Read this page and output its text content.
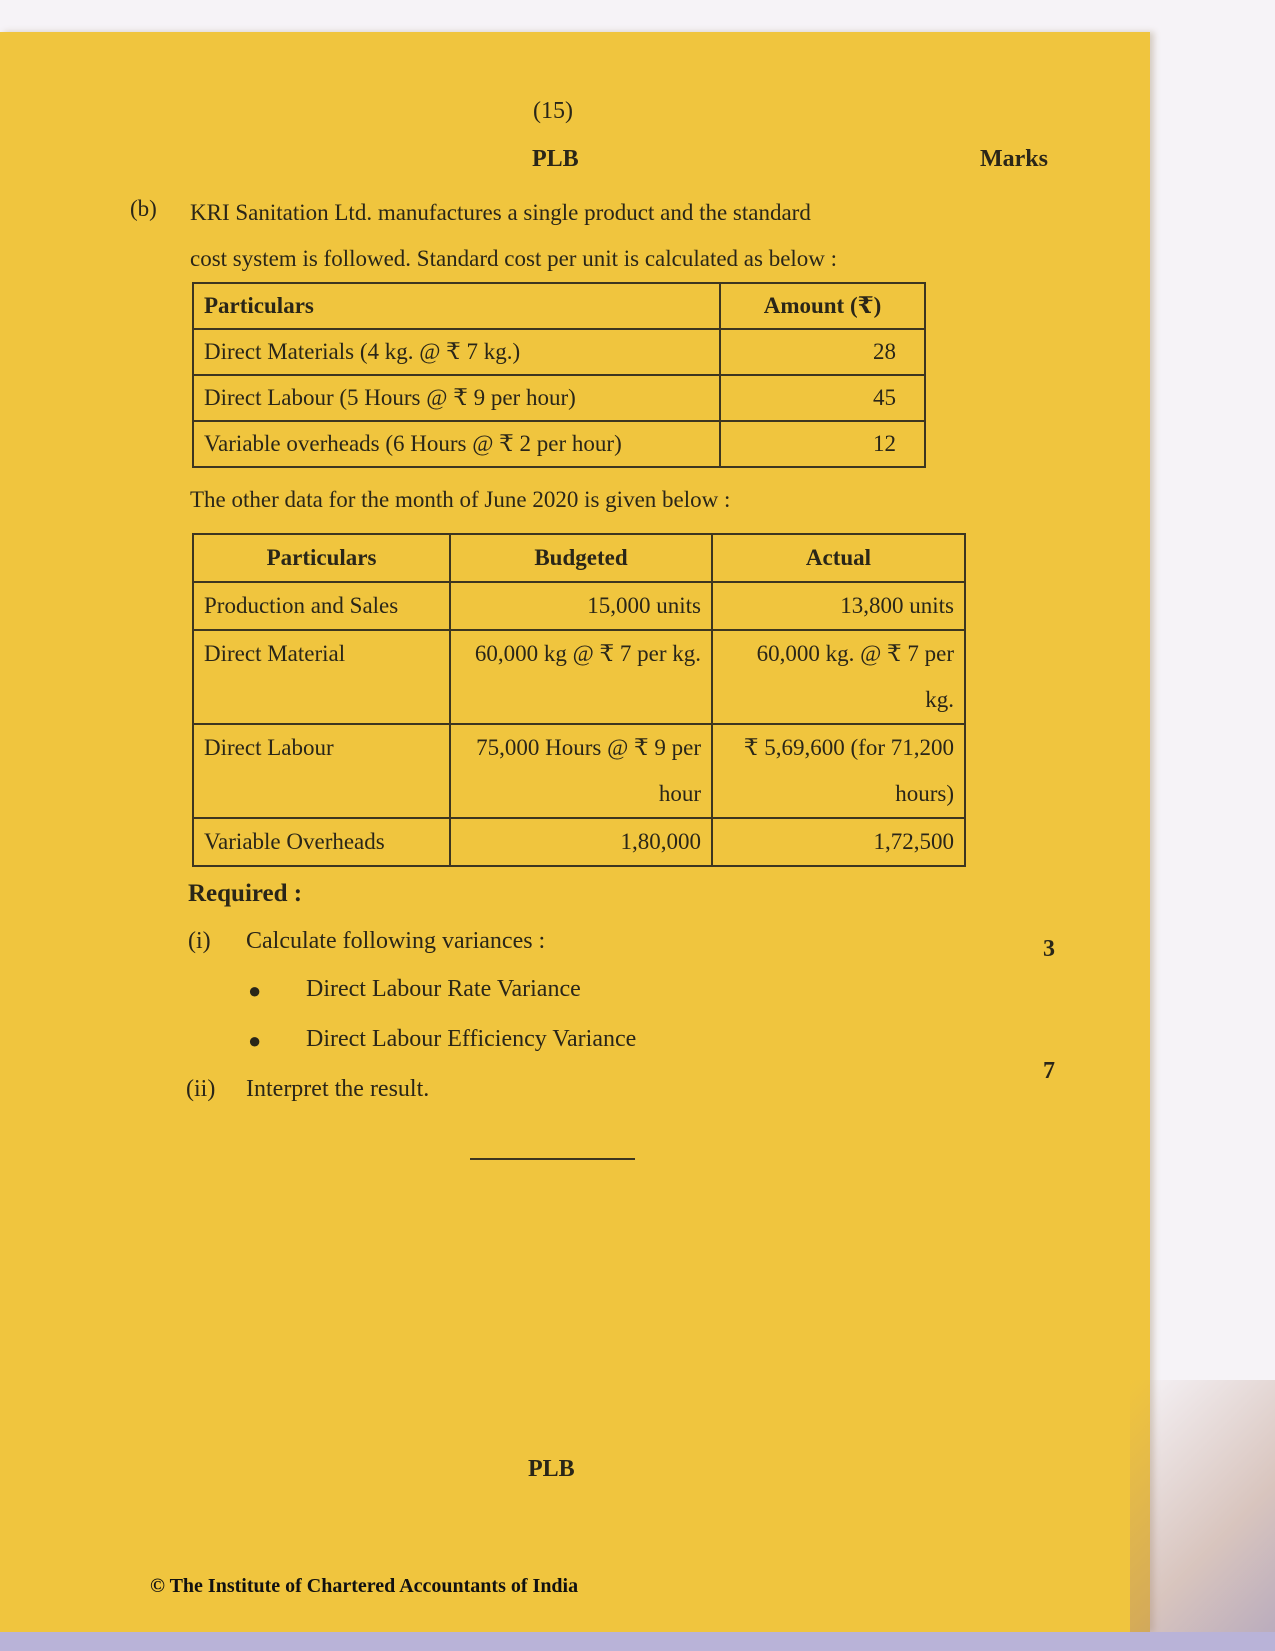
(15)
PLB	Marks
(b) KRI Sanitation Ltd. manufactures a single product and the standard
cost system is followed. Standard cost per unit is calculated as below :
Particulars	Amount (₹)
Direct Materials (4 kg. @ ₹ 7 kg.)	28
Direct Labour (5 Hours @ ₹ 9 per hour)	45
Variable overheads (6 Hours @ ₹ 2 per hour)	12
The other data for the month of June 2020 is given below :
Particulars	Budgeted	Actual
Production and Sales	15,000 units	13,800 units
Direct Material	60,000 kg @ ₹ 7 per kg.	60,000 kg. @ ₹ 7 per kg.
Direct Labour	75,000 Hours @ ₹ 9 per hour	₹ 5,69,600 (for 71,200 hours)
Variable Overheads	1,80,000	1,72,500
Required :
(i) Calculate following variances :	3
● Direct Labour Rate Variance
● Direct Labour Efficiency Variance
(ii) Interpret the result.
7
PLB
© The Institute of Chartered Accountants of India
